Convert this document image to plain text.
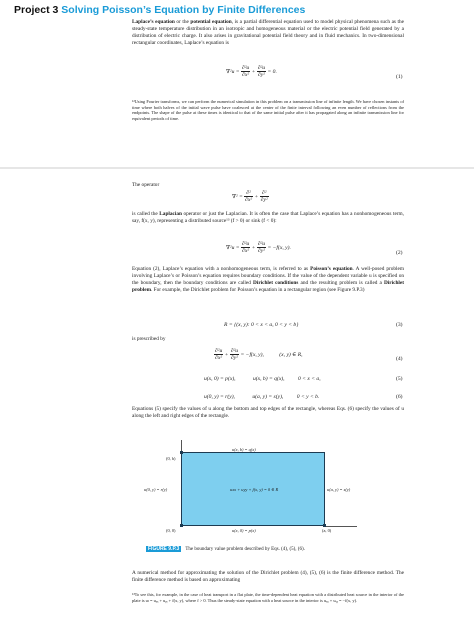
Project 3 Solving Poisson’s Equation by Finite Differences

Laplace’s equation or the potential equation, is a partial differential equation used to model physical phenomena such as the steady-state temperature distribution in an isotropic and homogeneous material or the electric potential field generated by a distribution of electric charge. It also arises in gravitational potential field theory and in fluid mechanics. In two-dimensional rectangular coordinates, Laplace’s equation is

$\nabla^2u = \frac{\text{∂²u}}{\text{∂x²}} + \frac{\text{∂²u}}{\text{∂y²}} = 0$.
(1)
¹²Using Fourier transforms, we can perform the numerical simulation in this problem on a transmission line of infinite length. We have chosen instants of time where both halves of the initial wave pulse have coalesced at the center of the finite interval following an even number of reflections from the endpoints. The shape of the pulse at these times is identical to that of the same initial pulse after it has propagated along an infinite transmission line for equivalent periods of time.
The operator
$\nabla^2 = \frac{\text{∂²}}{\text{∂x²}} + \frac{\text{∂²}}{\text{∂y²}}$

is called the Laplacian operator or just the Laplacian. It is often the case that Laplace’s equation has a nonhomogeneous term, say, f(x, y), representing a distributed source¹³ (f > 0) or sink (f < 0):

$\nabla^2u = \frac{\text{∂²u}}{\text{∂x²}} + \frac{\text{∂²u}}{\text{∂y²}} = -f(x$, y).
(2)

Equation (2), Laplace’s equation with a nonhomogeneous term, is referred to as Poisson’s equation. A well-posed problem involving Laplace’s or Poisson’s equation requires boundary conditions. If the value of the dependent variable u is specified on the boundary, then the boundary conditions are called Dirichlet conditions and the resulting problem is called a Dirichlet problem. For example, the Dirichlet problem for Poisson’s equation in a rectangular region (see Figure 9.P.3)

R = {(x, y): 0 < x < a, 0 < y < b}	(3)
is prescribed by
$\frac{\text{∂²u}}{\text{∂x²}} + \frac{\text{∂²u}}{\text{∂y²}} = -f(x$, y),	(x, y) ∈ R,
(4)
u(x, 0) = p(x),	u(x, b) = q(x), 0 < x < a,	(5)
u(0, y) = r(y),	u(a, y) = s(y), 0 < y < b.	(6)
Equations (5) specify the values of u along the bottom and top edges of the rectangle, whereas Eqs. (6) specify the values of u along the left and right edges of the rectangle.
u(x, b) = q(x)
(0, b)
u(0, y) = r(y)	uxx + uyy + f(x, y) = 0 ∈ R	u(a, y) = s(y)
(0, 0)	u(x, 0) = p(x)	(a, 0)
FIGURE 9.P.3 The boundary value problem described by Eqs. (4), (5), (6).
A numerical method for approximating the solution of the Dirichlet problem (4), (5), (6) is the finite difference method. The finite difference method is based on approximating
¹³To see this, for example, in the case of heat transport in a flat plate, the time-dependent heat equation with a distributed heat source in the interior of the plate is uₜ = uₓₓ + uᵧᵧ + f(x, y), where f > 0. Thus the steady-state equation with a heat source in the interior is uₓₓ + uᵧᵧ = −f(x, y).
